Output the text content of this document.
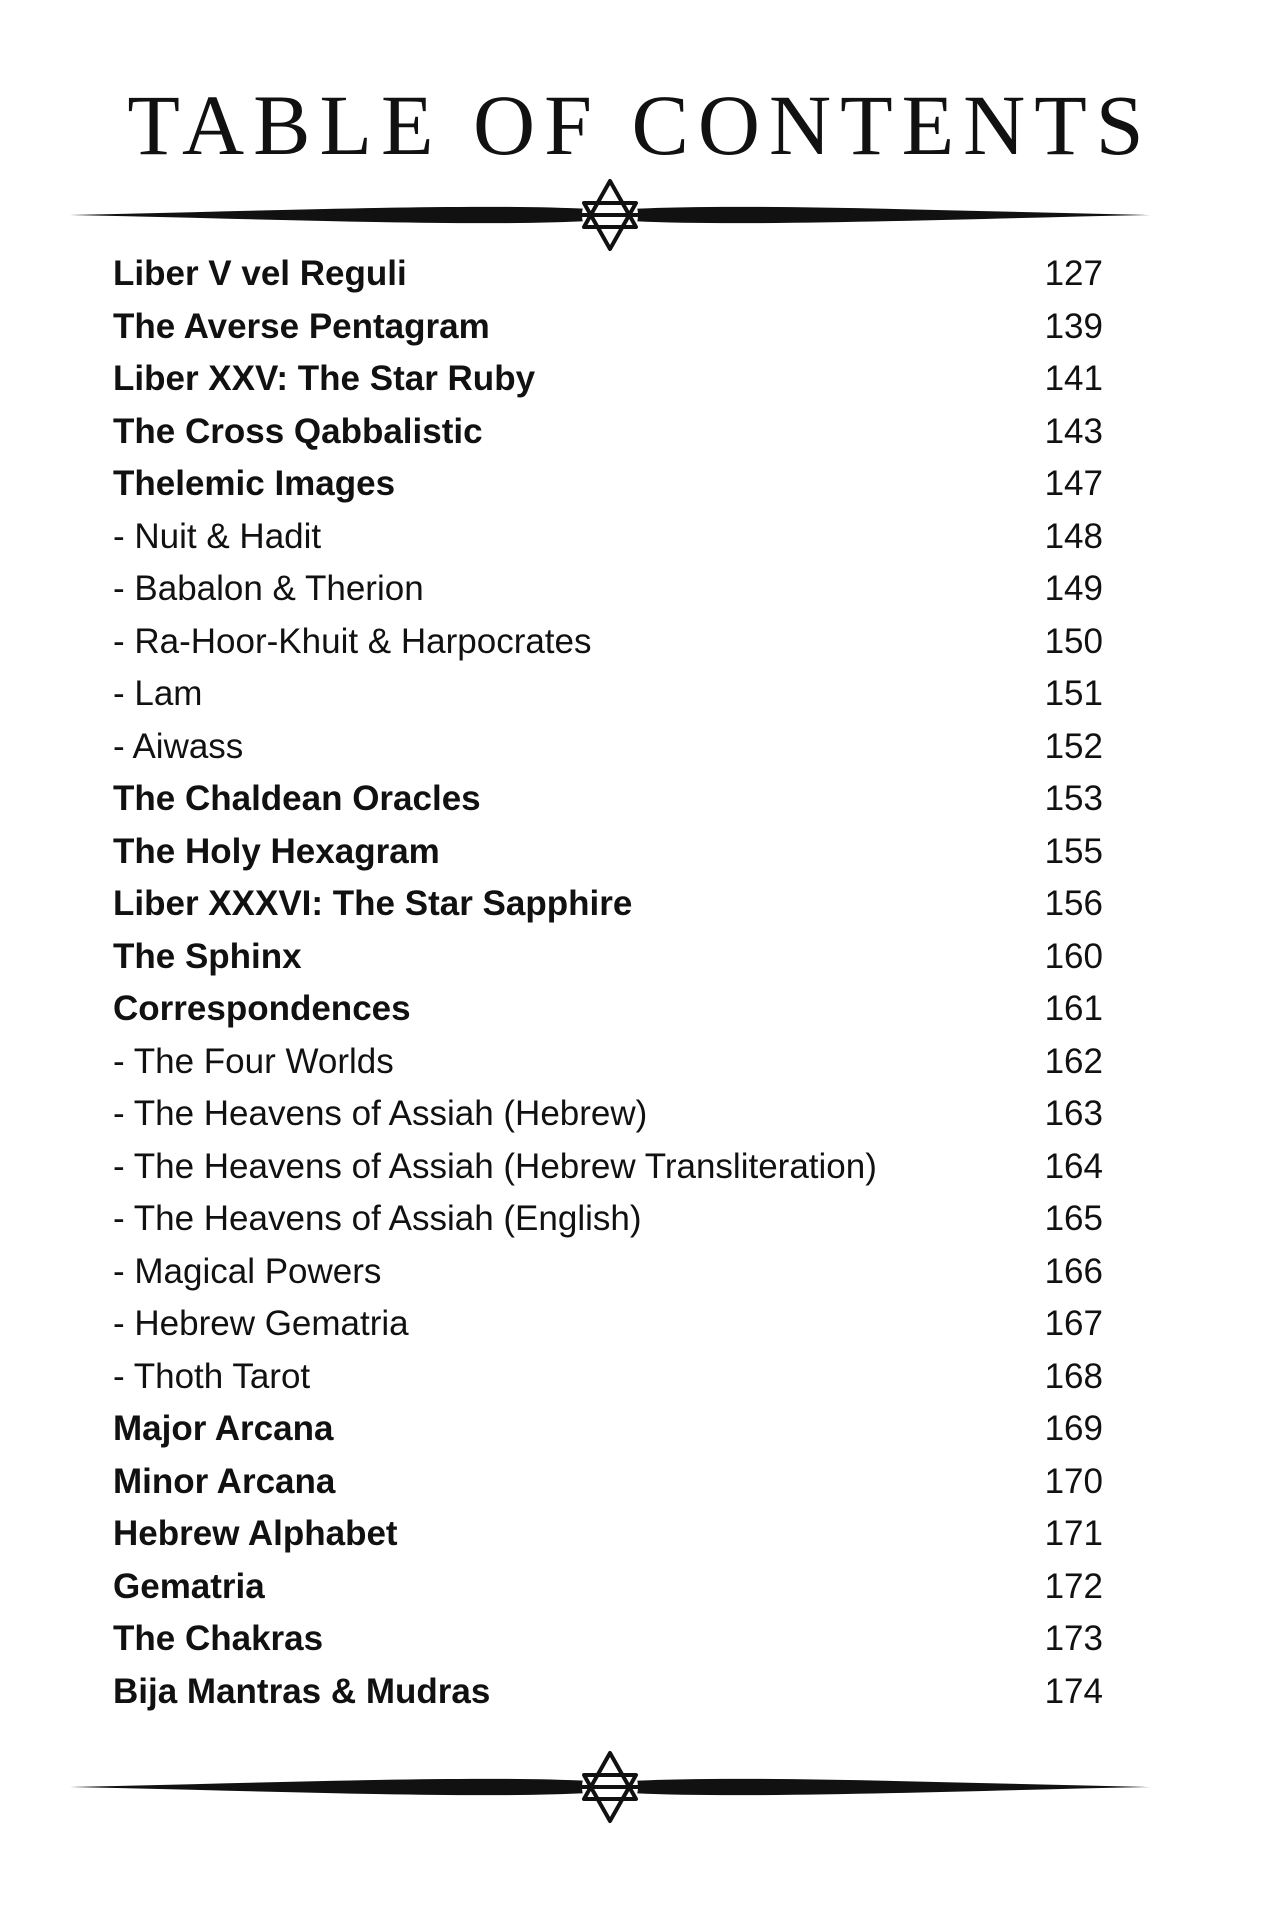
TABLE OF CONTENTS
Liber V vel Reguli	127
The Averse Pentagram	139
Liber XXV: The Star Ruby	141
The Cross Qabbalistic	143
Thelemic Images	147
- Nuit & Hadit	148
- Babalon & Therion	149
- Ra-Hoor-Khuit & Harpocrates	150
- Lam	151
- Aiwass	152
The Chaldean Oracles	153
The Holy Hexagram	155
Liber XXXVI: The Star Sapphire	156
The Sphinx	160
Correspondences	161
- The Four Worlds	162
- The Heavens of Assiah (Hebrew)	163
- The Heavens of Assiah (Hebrew Transliteration)	164
- The Heavens of Assiah (English)	165
- Magical Powers	166
- Hebrew Gematria	167
- Thoth Tarot	168
Major Arcana	169
Minor Arcana	170
Hebrew Alphabet	171
Gematria	172
The Chakras	173
Bija Mantras & Mudras	174
